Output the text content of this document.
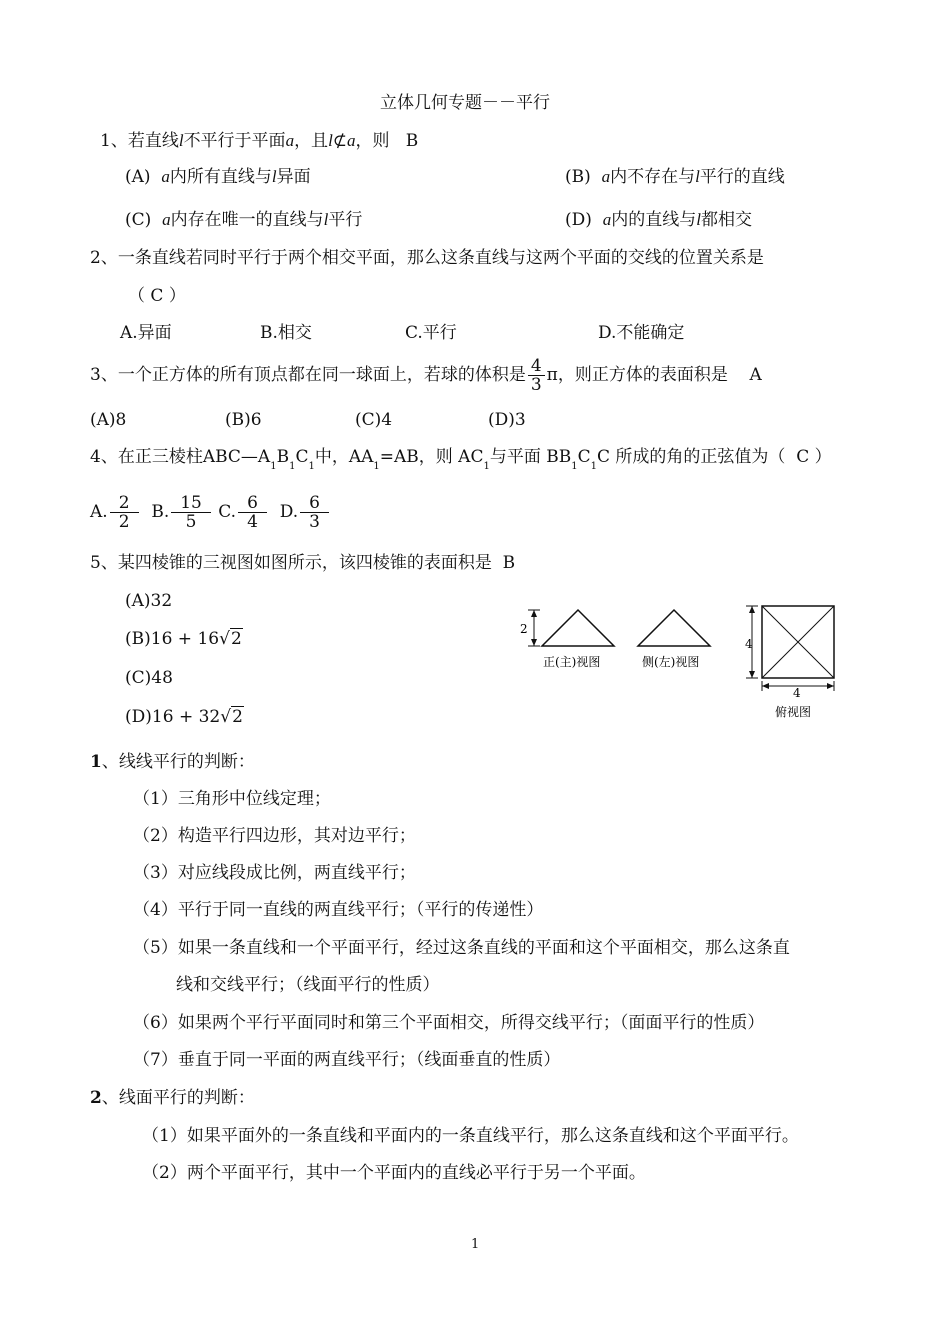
立体几何专题－－平行
1、若直线l不平行于平面a，且l⊄a，则 B
(A) a内所有直线与l异面	(B) a内不存在与l平行的直线
(C) a内存在唯一的直线与l平行	(D) a内的直线与l都相交
2、一条直线若同时平行于两个相交平面，那么这条直线与这两个平面的交线的位置关系是
（ C ）
A.异面	B.相交	C.平行	D.不能确定
3、一个正方体的所有顶点都在同一球面上，若球的体积是 $\frac{4}{3}$ π，则正方体的表面积是 A
(A)8	(B)6	(C)4	(D)3
4、在正三棱柱$ABC—A_1B_1C_1$中，$AA_1=AB$，则 $AC_1$与平面 $BB_1C_1C$ 所成的角的正弦值为（ C ）
A. $\frac{2}{2} B$. $\frac{15}{5} C$. $\frac{6}{4} D$. $\frac{6}{3}$
5、某四棱锥的三视图如图所示，该四棱锥的表面积是 B
(A)32
(B)16 + 16√2
(C)48
(D)16 + 32√2
2
正(主)视图	侧(左)视图
4
4
俯视图
1、线线平行的判断：
（1）三角形中位线定理；
（2）构造平行四边形，其对边平行；
（3）对应线段成比例，两直线平行；
（4）平行于同一直线的两直线平行；（平行的传递性）
（5）如果一条直线和一个平面平行，经过这条直线的平面和这个平面相交，那么这条直
线和交线平行；（线面平行的性质）
（6）如果两个平行平面同时和第三个平面相交，所得交线平行；（面面平行的性质）
（7）垂直于同一平面的两直线平行；（线面垂直的性质）
2、线面平行的判断：
（1）如果平面外的一条直线和平面内的一条直线平行，那么这条直线和这个平面平行。
（2）两个平面平行，其中一个平面内的直线必平行于另一个平面。
1
